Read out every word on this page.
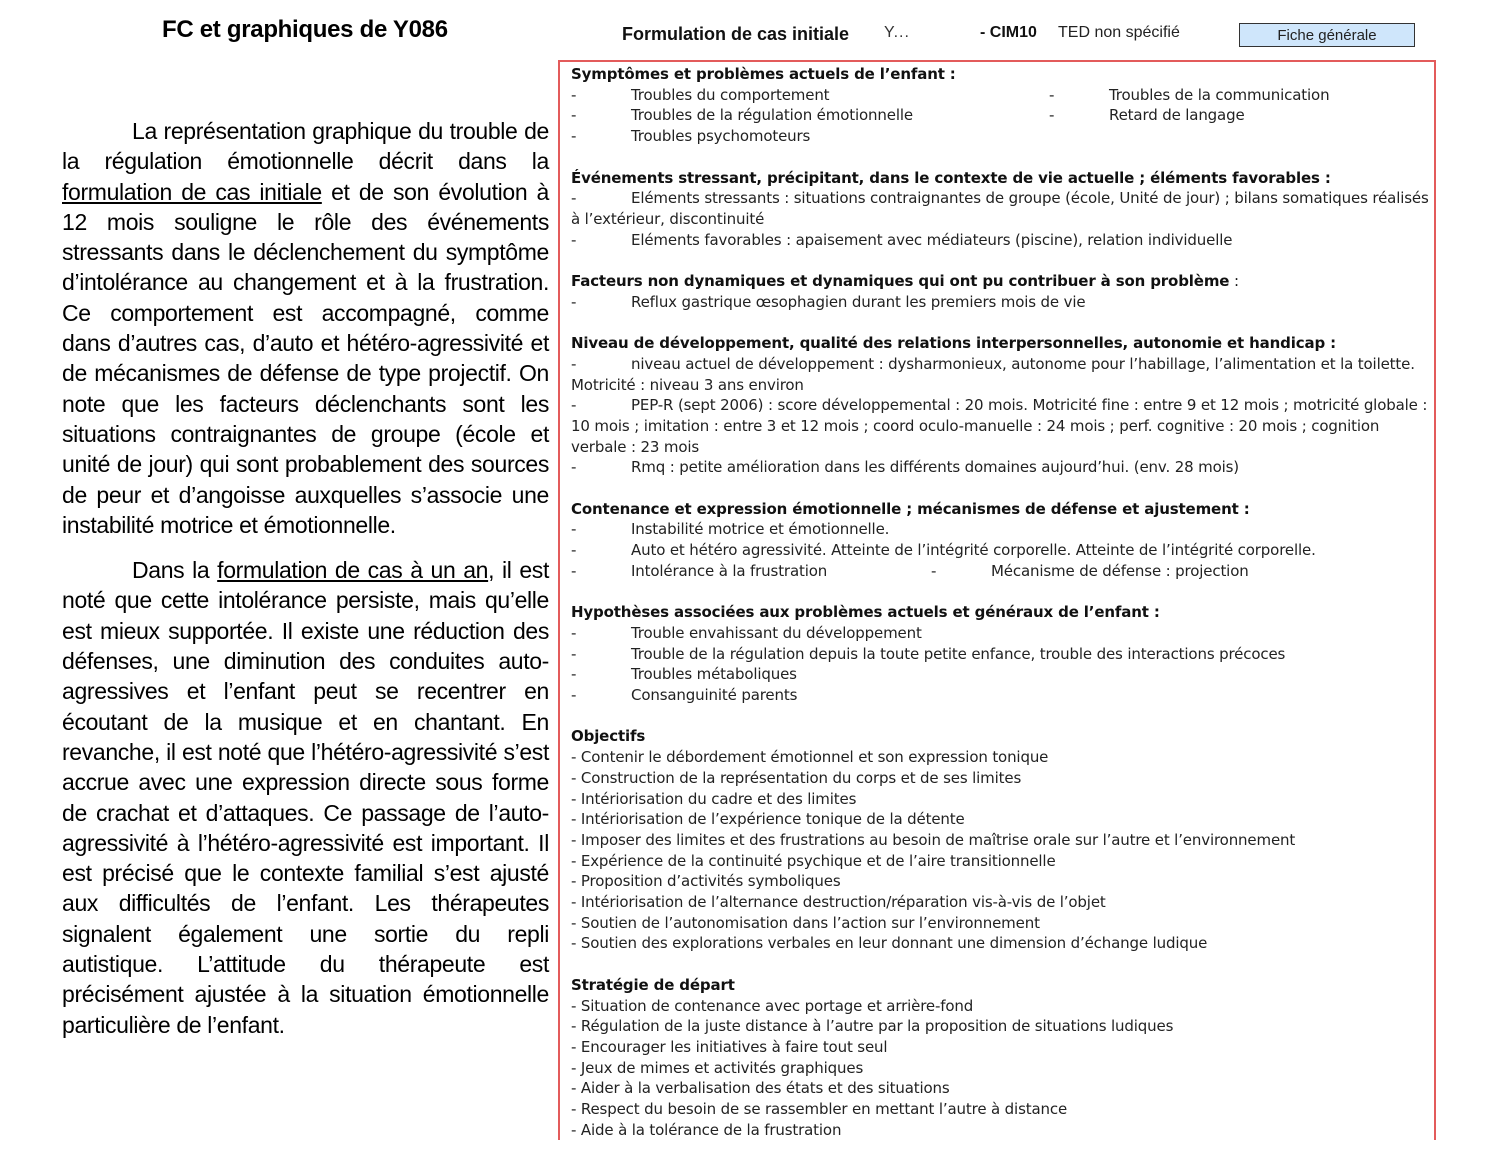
FC et graphiques de Y086

La représentation graphique du trouble de la régulation émotionnelle décrit dans la formulation de cas initiale et de son évolution à 12 mois souligne le rôle des événements stressants dans le déclenchement du symptôme d’intolérance au changement et à la frustration. Ce comportement est accompagné, comme dans d’autres cas, d’auto et hétéro-agressivité et de mécanismes de défense de type projectif. On note que les facteurs déclenchants sont les situations contraignantes de groupe (école et unité de jour) qui sont probablement des sources de peur et d’angoisse auxquelles s’associe une instabilité motrice et émotionnelle.

Dans la formulation de cas à un an, il est noté que cette intolérance persiste, mais qu’elle est mieux supportée. Il existe une réduction des défenses, une diminution des conduites auto-agressives et l’enfant peut se recentrer en écoutant de la musique et en chantant. En revanche, il est noté que l’hétéro-agressivité s’est accrue avec une expression directe sous forme de crachat et d’attaques. Ce passage de l’auto-agressivité à l’hétéro-agressivité est important. Il est précisé que le contexte familial s’est ajusté aux difficultés de l’enfant. Les thérapeutes signalent également une sortie du repli autistique. L’attitude du thérapeute est précisément ajustée à la situation émotionnelle particulière de l’enfant.

Formulation de cas initiale Y...	- CIM10 TED non spécifié	Fiche générale
Symptômes et problèmes actuels de l’enfant :
-	Troubles du comportement	-	Troubles de la communication
-	Troubles de la régulation émotionnelle	-	Retard de langage
-	Troubles psychomoteurs
Événements stressant, précipitant, dans le contexte de vie actuelle ; éléments favorables :
-	Eléments stressants : situations contraignantes de groupe (école, Unité de jour) ; bilans somatiques réalisés à l’extérieur, discontinuité
-	Eléments favorables : apaisement avec médiateurs (piscine), relation individuelle
Facteurs non dynamiques et dynamiques qui ont pu contribuer à son problème :
-	Reflux gastrique œsophagien durant les premiers mois de vie
Niveau de développement, qualité des relations interpersonnelles, autonomie et handicap :
-	niveau actuel de développement : dysharmonieux, autonome pour l’habillage, l’alimentation et la toilette. Motricité : niveau 3 ans environ
-	PEP-R (sept 2006) : score développemental : 20 mois. Motricité fine : entre 9 et 12 mois ; motricité globale : 10 mois ; imitation : entre 3 et 12 mois ; coord oculo-manuelle : 24 mois ; perf. cognitive : 20 mois ; cognition verbale : 23 mois
-	Rmq : petite amélioration dans les différents domaines aujourd’hui. (env. 28 mois)
Contenance et expression émotionnelle ; mécanismes de défense et ajustement :
-	Instabilité motrice et émotionnelle.
-	Auto et hétéro agressivité. Atteinte de l’intégrité corporelle. Atteinte de l’intégrité corporelle.
-	Intolérance à la frustration	-	Mécanisme de défense : projection
Hypothèses associées aux problèmes actuels et généraux de l’enfant :
-	Trouble envahissant du développement
-	Trouble de la régulation depuis la toute petite enfance, trouble des interactions précoces
-	Troubles métaboliques
-	Consanguinité parents
Objectifs
- Contenir le débordement émotionnel et son expression tonique
- Construction de la représentation du corps et de ses limites
- Intériorisation du cadre et des limites
- Intériorisation de l’expérience tonique de la détente
- Imposer des limites et des frustrations au besoin de maîtrise orale sur l’autre et l’environnement
- Expérience de la continuité psychique et de l’aire transitionnelle
- Proposition d’activités symboliques
- Intériorisation de l’alternance destruction/réparation vis-à-vis de l’objet
- Soutien de l’autonomisation dans l’action sur l’environnement
- Soutien des explorations verbales en leur donnant une dimension d’échange ludique
Stratégie de départ
- Situation de contenance avec portage et arrière-fond
- Régulation de la juste distance à l’autre par la proposition de situations ludiques
- Encourager les initiatives à faire tout seul
- Jeux de mimes et activités graphiques
- Aider à la verbalisation des états et des situations
- Respect du besoin de se rassembler en mettant l’autre à distance
- Aide à la tolérance de la frustration
